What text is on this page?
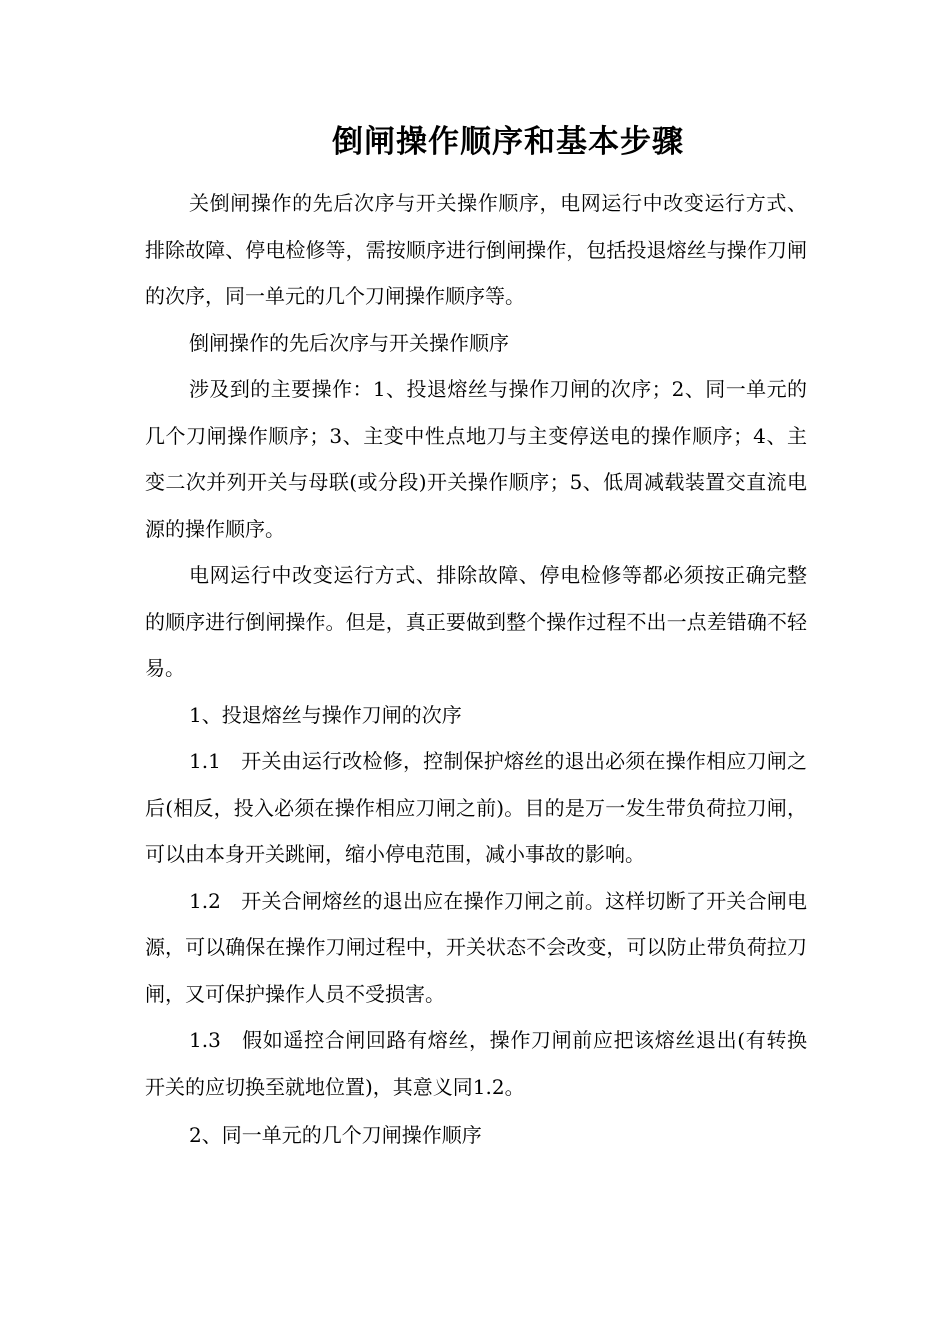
倒闸操作顺序和基本步骤

关倒闸操作的先后次序与开关操作顺序，电网运行中改变运行方式、排除故障、停电检修等，需按顺序进行倒闸操作，包括投退熔丝与操作刀闸的次序，同一单元的几个刀闸操作顺序等。

倒闸操作的先后次序与开关操作顺序

涉及到的主要操作：1、投退熔丝与操作刀闸的次序；2、同一单元的几个刀闸操作顺序；3、主变中性点地刀与主变停送电的操作顺序；4、主变二次并列开关与母联(或分段)开关操作顺序；5、低周减载装置交直流电源的操作顺序。

电网运行中改变运行方式、排除故障、停电检修等都必须按正确完整的顺序进行倒闸操作。但是，真正要做到整个操作过程不出一点差错确不轻易。

1、投退熔丝与操作刀闸的次序

1.1　开关由运行改检修，控制保护熔丝的退出必须在操作相应刀闸之后(相反，投入必须在操作相应刀闸之前)。目的是万一发生带负荷拉刀闸，可以由本身开关跳闸，缩小停电范围，减小事故的影响。

1.2　开关合闸熔丝的退出应在操作刀闸之前。这样切断了开关合闸电源，可以确保在操作刀闸过程中，开关状态不会改变，可以防止带负荷拉刀闸，又可保护操作人员不受损害。

1.3　假如遥控合闸回路有熔丝，操作刀闸前应把该熔丝退出(有转换开关的应切换至就地位置)，其意义同1.2。

2、同一单元的几个刀闸操作顺序
